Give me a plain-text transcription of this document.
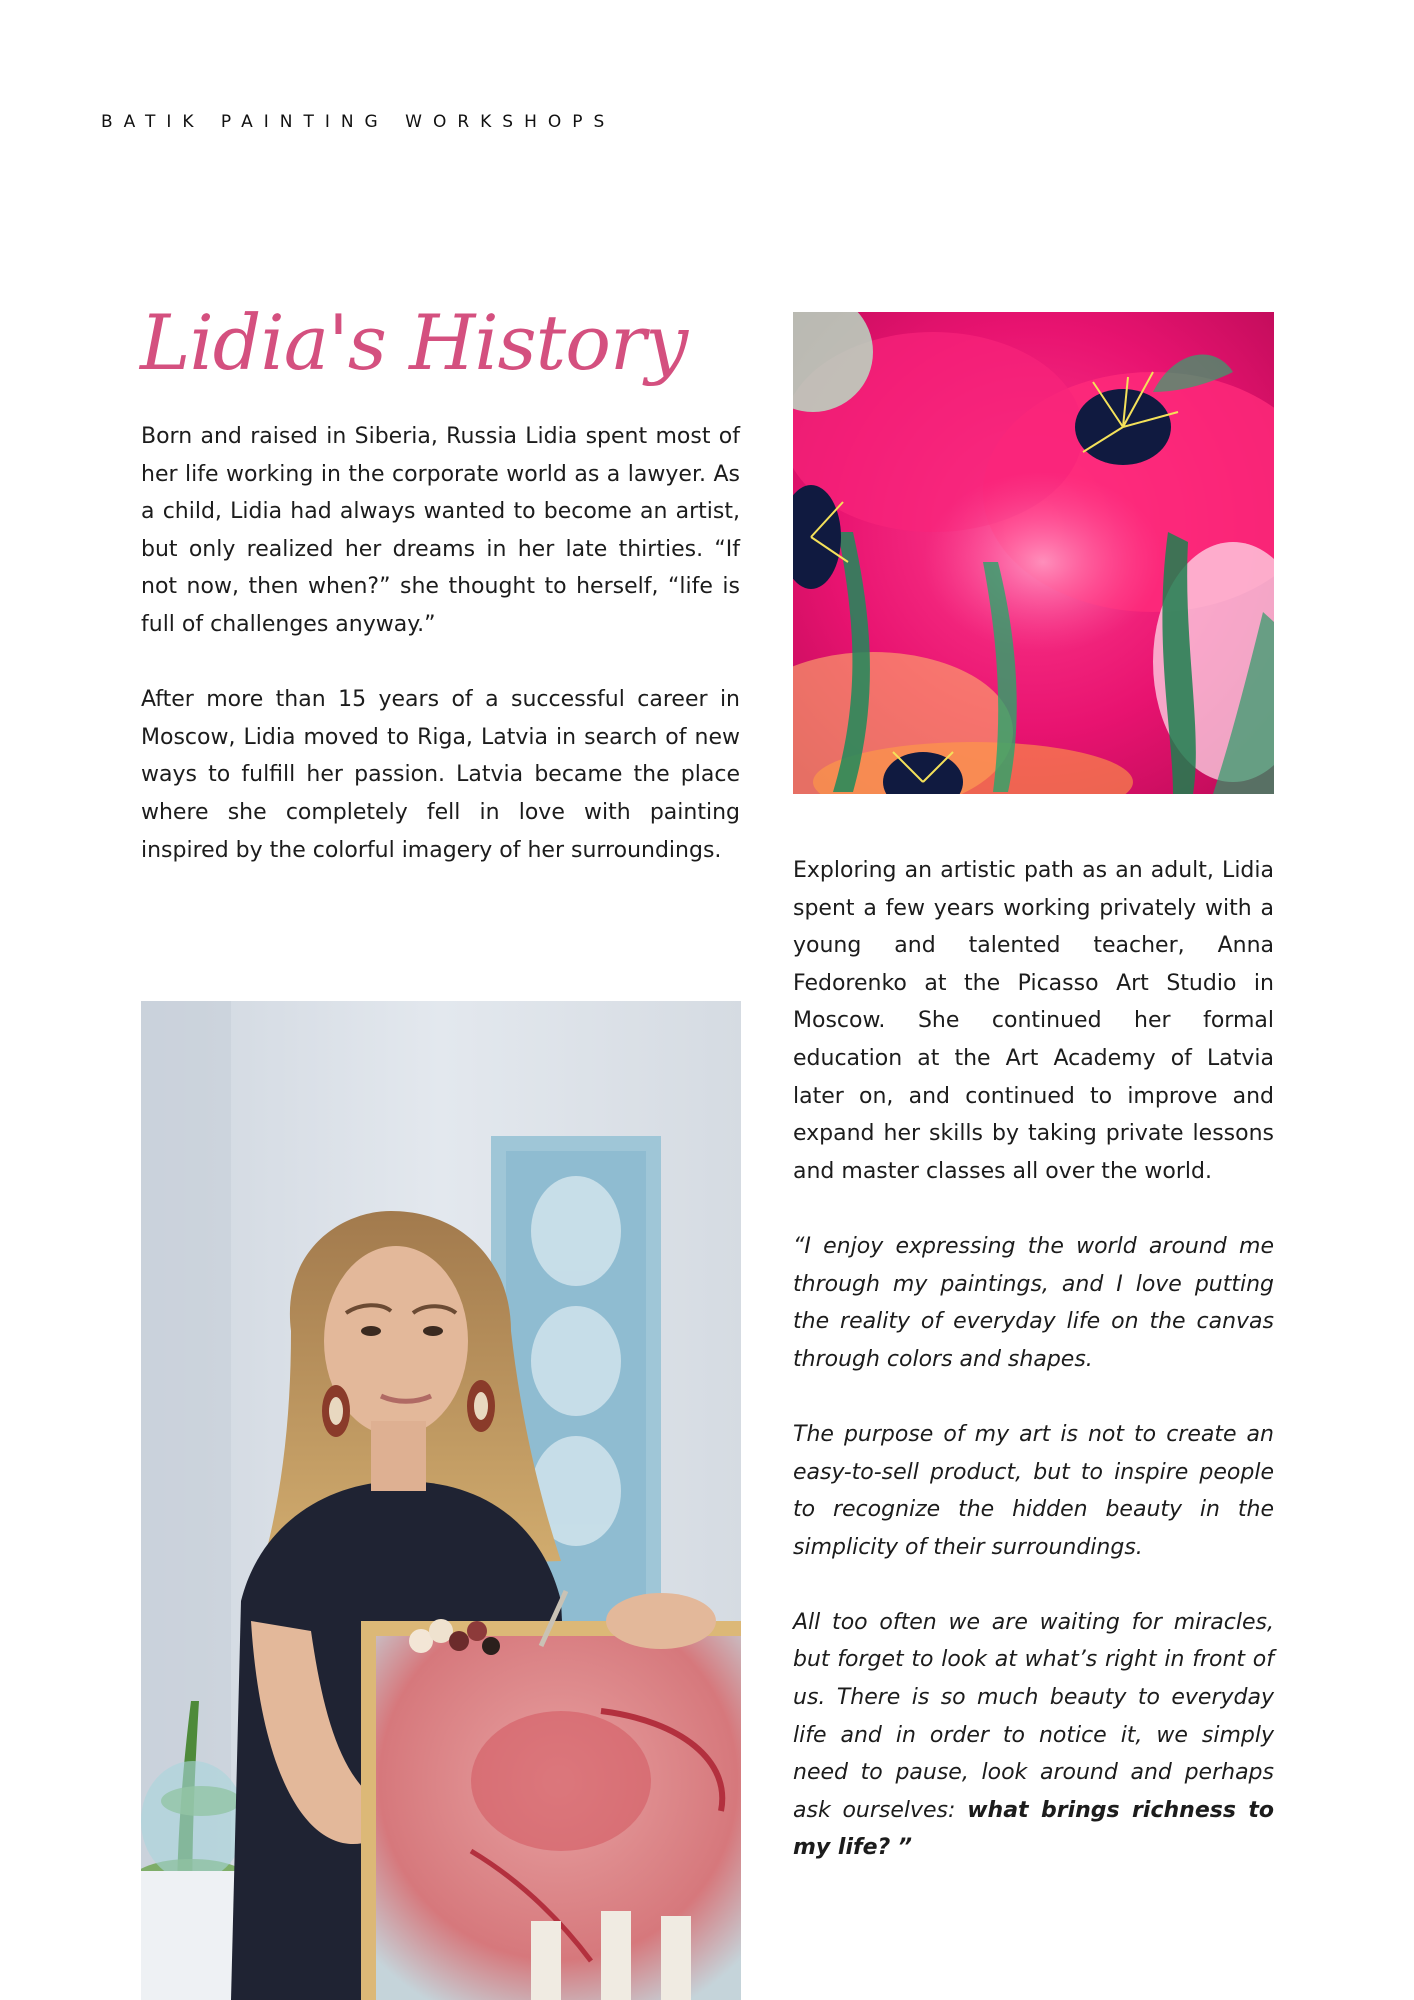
BATIK PAINTING WORKSHOPS
Lidia's History

Born and raised in Siberia, Russia Lidia spent most of her life working in the corporate world as a lawyer. As a child, Lidia had always wanted to become an artist, but only realized her dreams in her late thirties. “If not now, then when?” she thought to herself, “life is full of challenges anyway.”

After more than 15 years of a successful career in Moscow, Lidia moved to Riga, Latvia in search of new ways to fulfill her passion. Latvia became the place where she completely fell in love with painting inspired by the colorful imagery of her surroundings.

Exploring an artistic path as an adult, Lidia spent a few years working privately with a young and talented teacher, Anna Fedorenko at the Picasso Art Studio in Moscow. She continued her formal education at the Art Academy of Latvia later on, and continued to improve and expand her skills by taking private lessons and master classes all over the world.

“I enjoy expressing the world around me through my paintings, and I love putting the reality of everyday life on the canvas through colors and shapes.

The purpose of my art is not to create an easy-to-sell product, but to inspire people to recognize the hidden beauty in the simplicity of their surroundings.

All too often we are waiting for miracles, but forget to look at what’s right in front of us. There is so much beauty to everyday life and in order to notice it, we simply need to pause, look around and perhaps ask ourselves: what brings richness to my life? ”
